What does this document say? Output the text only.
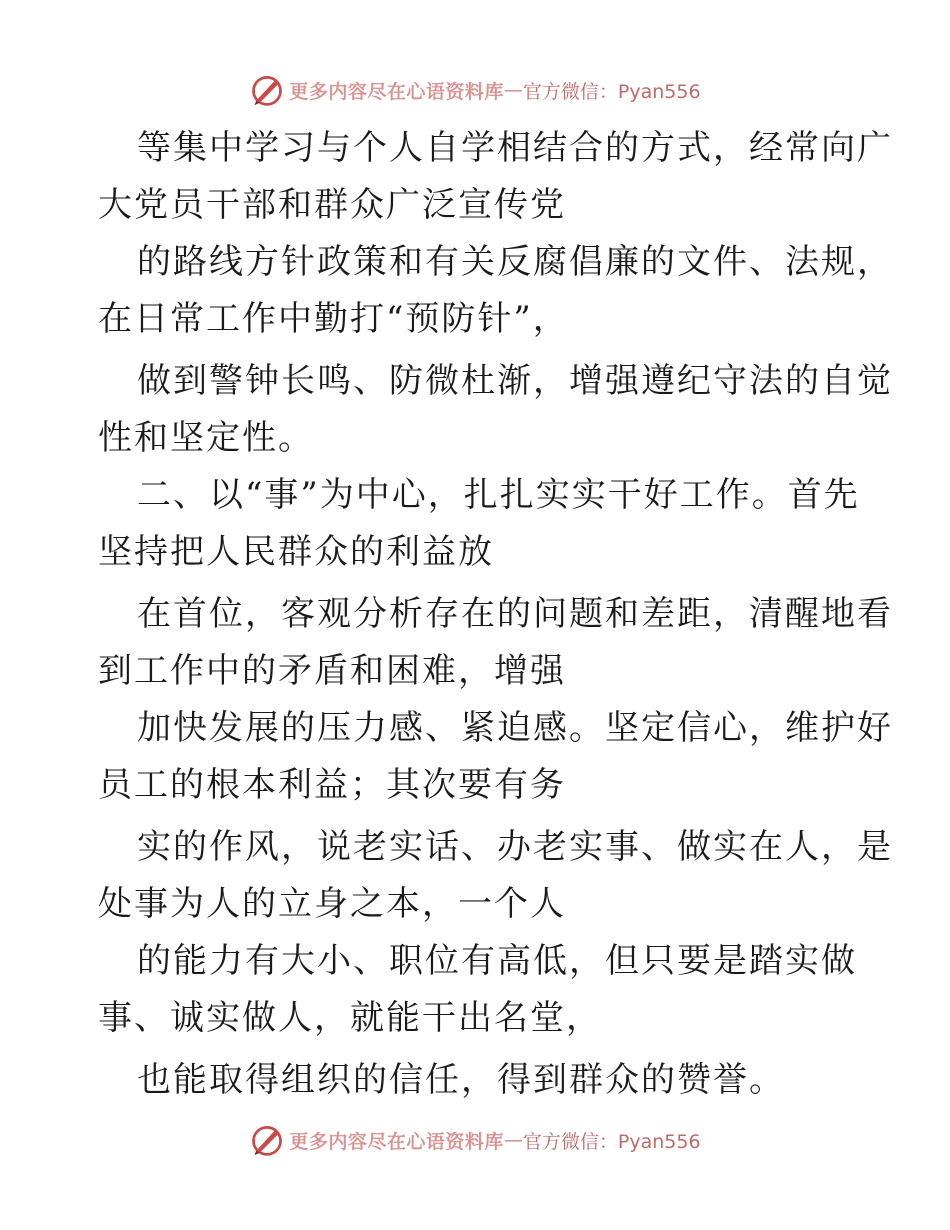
更多内容尽在心语资料库 — 官方微信：Pyan556
等集中学习与个人自学相结合的方式，经常向广
大党员干部和群众广泛宣传党
的路线方针政策和有关反腐倡廉的文件、法规，
在日常工作中勤打“预防针”，
做到警钟长鸣、防微杜渐，增强遵纪守法的自觉
性和坚定性。
二、以“事”为中心，扎扎实实干好工作。首先
坚持把人民群众的利益放
在首位，客观分析存在的问题和差距，清醒地看
到工作中的矛盾和困难，增强
加快发展的压力感、紧迫感。坚定信心，维护好
员工的根本利益；其次要有务
实的作风，说老实话、办老实事、做实在人，是
处事为人的立身之本，一个人
的能力有大小、职位有高低，但只要是踏实做
事、诚实做人，就能干出名堂，
也能取得组织的信任，得到群众的赞誉。
更多内容尽在心语资料库 — 官方微信：Pyan556
